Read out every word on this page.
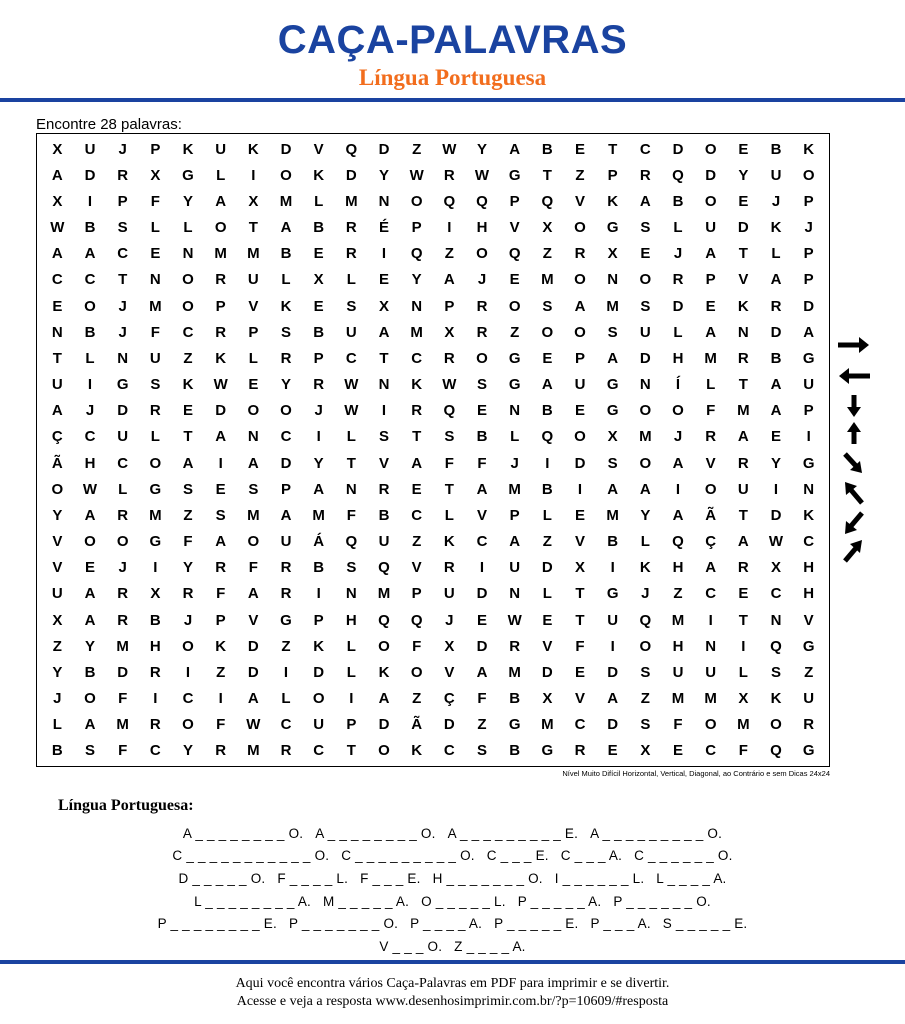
CAÇA-PALAVRAS
Língua Portuguesa
Encontre 28 palavras:
X	U	J	P	K	U	K	D	V	Q	D	Z	W	Y	A	B	E	T	C	D	O	E	B	K
A	D	R	X	G	L	I	O	K	D	Y	W	R	W	G	T	Z	P	R	Q	D	Y	U	O
X	I	P	F	Y	A	X	M	L	M	N	O	Q	Q	P	Q	V	K	A	B	O	E	J	P
W	B	S	L	L	O	T	A	B	R	É	P	I	H	V	X	O	G	S	L	U	D	K	J
A	A	C	E	N	M	M	B	E	R	I	Q	Z	O	Q	Z	R	X	E	J	A	T	L	P
C	C	T	N	O	R	U	L	X	L	E	Y	A	J	E	M	O	N	O	R	P	V	A	P
E	O	J	M	O	P	V	K	E	S	X	N	P	R	O	S	A	M	S	D	E	K	R	D
N	B	J	F	C	R	P	S	B	U	A	M	X	R	Z	O	O	S	U	L	A	N	D	A
T	L	N	U	Z	K	L	R	P	C	T	C	R	O	G	E	P	A	D	H	M	R	B	G
U	I	G	S	K	W	E	Y	R	W	N	K	W	S	G	A	U	G	N	Í	L	T	A	U
A	J	D	R	E	D	O	O	J	W	I	R	Q	E	N	B	E	G	O	O	F	M	A	P
Ç	C	U	L	T	A	N	C	I	L	S	T	S	B	L	Q	O	X	M	J	R	A	E	I
Ã	H	C	O	A	I	A	D	Y	T	V	A	F	F	J	I	D	S	O	A	V	R	Y	G
O	W	L	G	S	E	S	P	A	N	R	E	T	A	M	B	I	A	A	I	O	U	I	N
Y	A	R	M	Z	S	M	A	M	F	B	C	L	V	P	L	E	M	Y	A	Ã	T	D	K
V	O	O	G	F	A	O	U	Á	Q	U	Z	K	C	A	Z	V	B	L	Q	Ç	A	W	C
V	E	J	I	Y	R	F	R	B	S	Q	V	R	I	U	D	X	I	K	H	A	R	X	H
U	A	R	X	R	F	A	R	I	N	M	P	U	D	N	L	T	G	J	Z	C	E	C	H
X	A	R	B	J	P	V	G	P	H	Q	Q	J	E	W	E	T	U	Q	M	I	T	N	V
Z	Y	M	H	O	K	D	Z	K	L	O	F	X	D	R	V	F	I	O	H	N	I	Q	G
Y	B	D	R	I	Z	D	I	D	L	K	O	V	A	M	D	E	D	S	U	U	L	S	Z
J	O	F	I	C	I	A	L	O	I	A	Z	Ç	F	B	X	V	A	Z	M	M	X	K	U
L	A	M	R	O	F	W	C	U	P	D	Ã	D	Z	G	M	C	D	S	F	O	M	O	R
B	S	F	C	Y	R	M	R	C	T	O	K	C	S	B	G	R	E	X	E	C	F	Q	G
Nível Muito Difícil Horizontal, Vertical, Diagonal, ao Contrário e sem Dicas 24x24
Língua Portuguesa:
A _ _ _ _ _ _ _ _ O. A _ _ _ _ _ _ _ _ O. A _ _ _ _ _ _ _ _ _ E. A _ _ _ _ _ _ _ _ _ O.
C _ _ _ _ _ _ _ _ _ _ _ O. C _ _ _ _ _ _ _ _ _ O. C _ _ _ E. C _ _ _ A. C _ _ _ _ _ _ O.
D _ _ _ _ _ O. F _ _ _ _ L. F _ _ _ E. H _ _ _ _ _ _ _ O. I _ _ _ _ _ _ L. L _ _ _ _ A.
L _ _ _ _ _ _ _ _ A. M _ _ _ _ _ A. O _ _ _ _ _ L. P _ _ _ _ _ A. P _ _ _ _ _ _ O.
P _ _ _ _ _ _ _ _ E. P _ _ _ _ _ _ _ O. P _ _ _ _ A. P _ _ _ _ _ E. P _ _ _ A. S _ _ _ _ _ E.
V _ _ _ O. Z _ _ _ _ A.
Aqui você encontra vários Caça-Palavras em PDF para imprimir e se divertir.
Acesse e veja a resposta www.desenhosimprimir.com.br/?p=10609/#resposta
